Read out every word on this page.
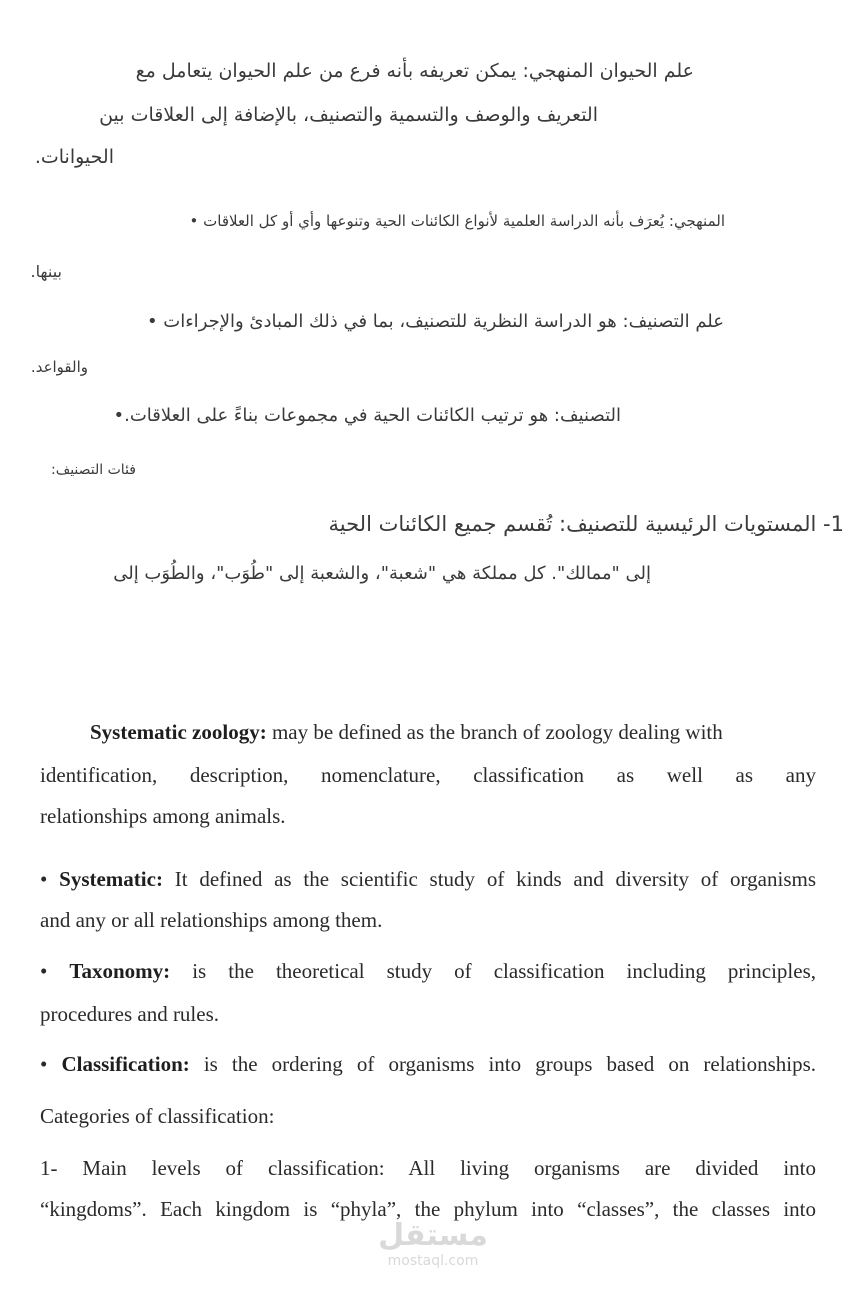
علم الحيوان المنهجي: يمكن تعريفه بأنه فرع من علم الحيوان يتعامل مع

التعريف والوصف والتسمية والتصنيف، بالإضافة إلى العلاقات بين

الحيوانات.

المنهجي: يُعرَف بأنه الدراسة العلمية لأنواع الكائنات الحية وتنوعها وأي أو كل العلاقات •

بينها.

علم التصنيف: هو الدراسة النظرية للتصنيف، بما في ذلك المبادئ والإجراءات •

والقواعد.

التصنيف: هو ترتيب الكائنات الحية في مجموعات بناءً على العلاقات.•

فئات التصنيف:

1- المستويات الرئيسية للتصنيف: تُقسم جميع الكائنات الحية

إلى "ممالك". كل مملكة هي "شعبة"، والشعبة إلى "طُوَب"، والطُوَب إلى

Systematic zoology: may be defined as the branch of zoology dealing with

identification, description, nomenclature, classification as well as any

relationships among animals.

• Systematic: It defined as the scientific study of kinds and diversity of organisms

and any or all relationships among them.

• Taxonomy: is the theoretical study of classification including principles,

procedures and rules.

• Classification: is the ordering of organisms into groups based on relationships.

Categories of classification:

1- Main levels of classification: All living organisms are divided into

“kingdoms”. Each kingdom is “phyla”, the phylum into “classes”, the classes into

مستقل
mostaql.com
